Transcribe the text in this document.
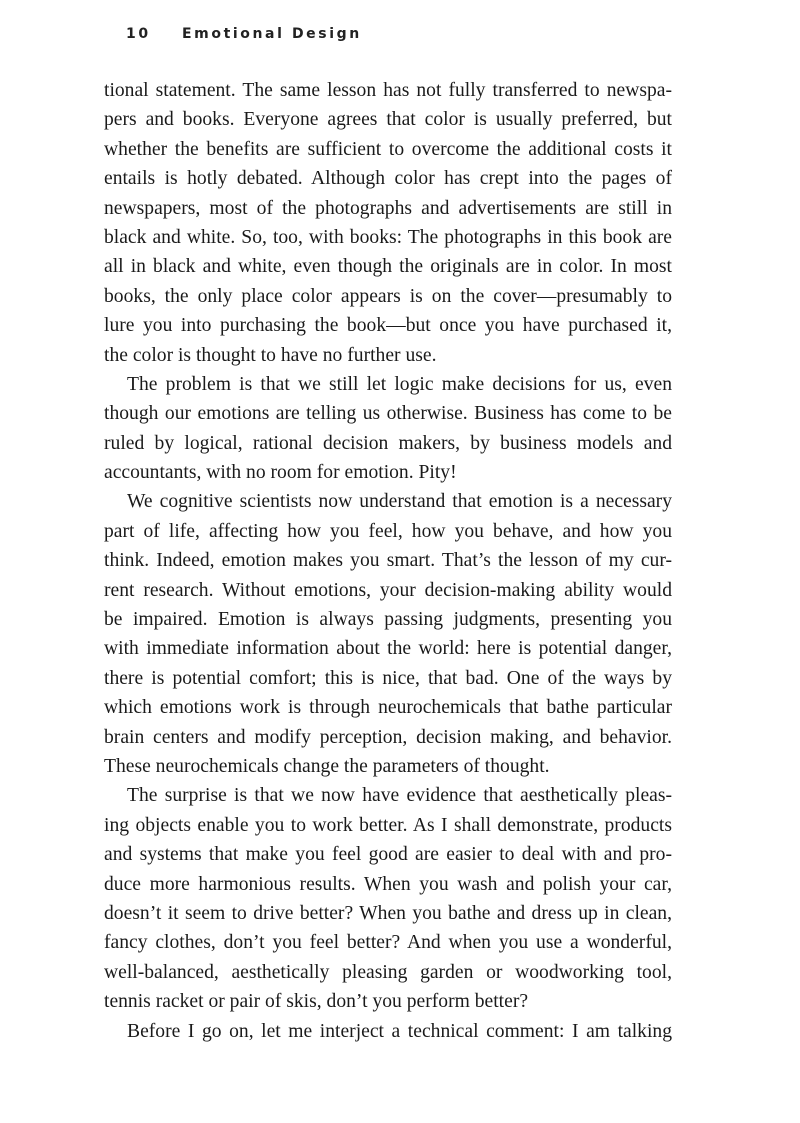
10 Emotional Design
tional statement. The same lesson has not fully transferred to newspa-
pers and books. Everyone agrees that color is usually preferred, but
whether the benefits are sufficient to overcome the additional costs it
entails is hotly debated. Although color has crept into the pages of
newspapers, most of the photographs and advertisements are still in
black and white. So, too, with books: The photographs in this book are
all in black and white, even though the originals are in color. In most
books, the only place color appears is on the cover—presumably to
lure you into purchasing the book—but once you have purchased it,
the color is thought to have no further use.
The problem is that we still let logic make decisions for us, even
though our emotions are telling us otherwise. Business has come to be
ruled by logical, rational decision makers, by business models and
accountants, with no room for emotion. Pity!
We cognitive scientists now understand that emotion is a necessary
part of life, affecting how you feel, how you behave, and how you
think. Indeed, emotion makes you smart. That’s the lesson of my cur-
rent research. Without emotions, your decision-making ability would
be impaired. Emotion is always passing judgments, presenting you
with immediate information about the world: here is potential danger,
there is potential comfort; this is nice, that bad. One of the ways by
which emotions work is through neurochemicals that bathe particular
brain centers and modify perception, decision making, and behavior.
These neurochemicals change the parameters of thought.
The surprise is that we now have evidence that aesthetically pleas-
ing objects enable you to work better. As I shall demonstrate, products
and systems that make you feel good are easier to deal with and pro-
duce more harmonious results. When you wash and polish your car,
doesn’t it seem to drive better? When you bathe and dress up in clean,
fancy clothes, don’t you feel better? And when you use a wonderful,
well-balanced, aesthetically pleasing garden or woodworking tool,
tennis racket or pair of skis, don’t you perform better?
Before I go on, let me interject a technical comment: I am talking
